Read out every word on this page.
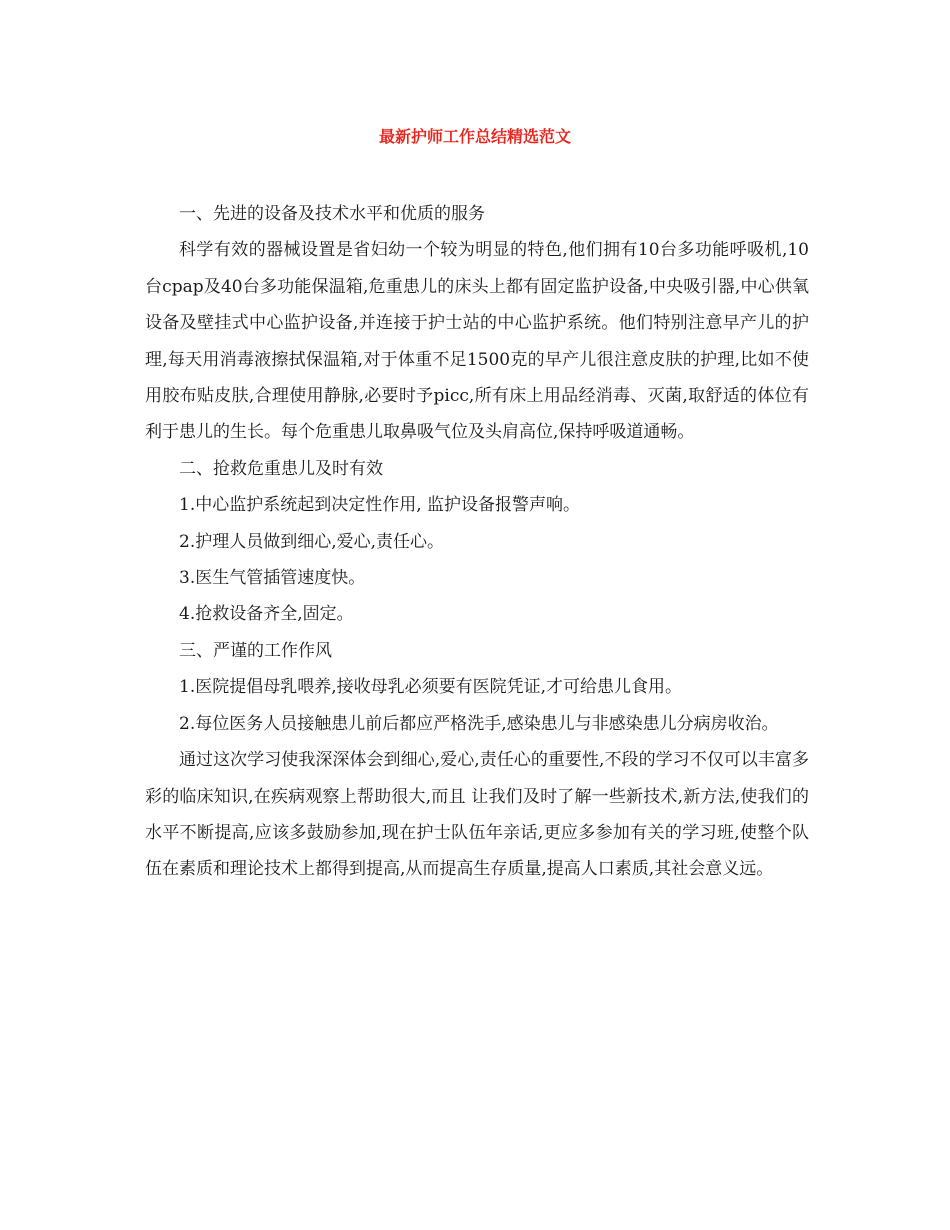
最新护师工作总结精选范文

一、先进的设备及技术水平和优质的服务

科学有效的器械设置是省妇幼一个较为明显的特色,他们拥有10台多功能呼吸机,10台cpap及40台多功能保温箱,危重患儿的床头上都有固定监护设备,中央吸引器,中心供氧设备及壁挂式中心监护设备,并连接于护士站的中心监护系统。他们特别注意早产儿的护理,每天用消毒液擦拭保温箱,对于体重不足1500克的早产儿很注意皮肤的护理,比如不使用胶布贴皮肤,合理使用静脉,必要时予picc,所有床上用品经消毒、灭菌,取舒适的体位有利于患儿的生长。每个危重患儿取鼻吸气位及头肩高位,保持呼吸道通畅。

二、抢救危重患儿及时有效

1.中心监护系统起到决定性作用, 监护设备报警声响。

2.护理人员做到细心,爱心,责任心。

3.医生气管插管速度快。

4.抢救设备齐全,固定。

三、严谨的工作作风

1.医院提倡母乳喂养,接收母乳必须要有医院凭证,才可给患儿食用。

2.每位医务人员接触患儿前后都应严格洗手,感染患儿与非感染患儿分病房收治。

通过这次学习使我深深体会到细心,爱心,责任心的重要性,不段的学习不仅可以丰富多彩的临床知识,在疾病观察上帮助很大,而且 让我们及时了解一些新技术,新方法,使我们的水平不断提高,应该多鼓励参加,现在护士队伍年亲话,更应多参加有关的学习班,使整个队伍在素质和理论技术上都得到提高,从而提高生存质量,提高人口素质,其社会意义远。
